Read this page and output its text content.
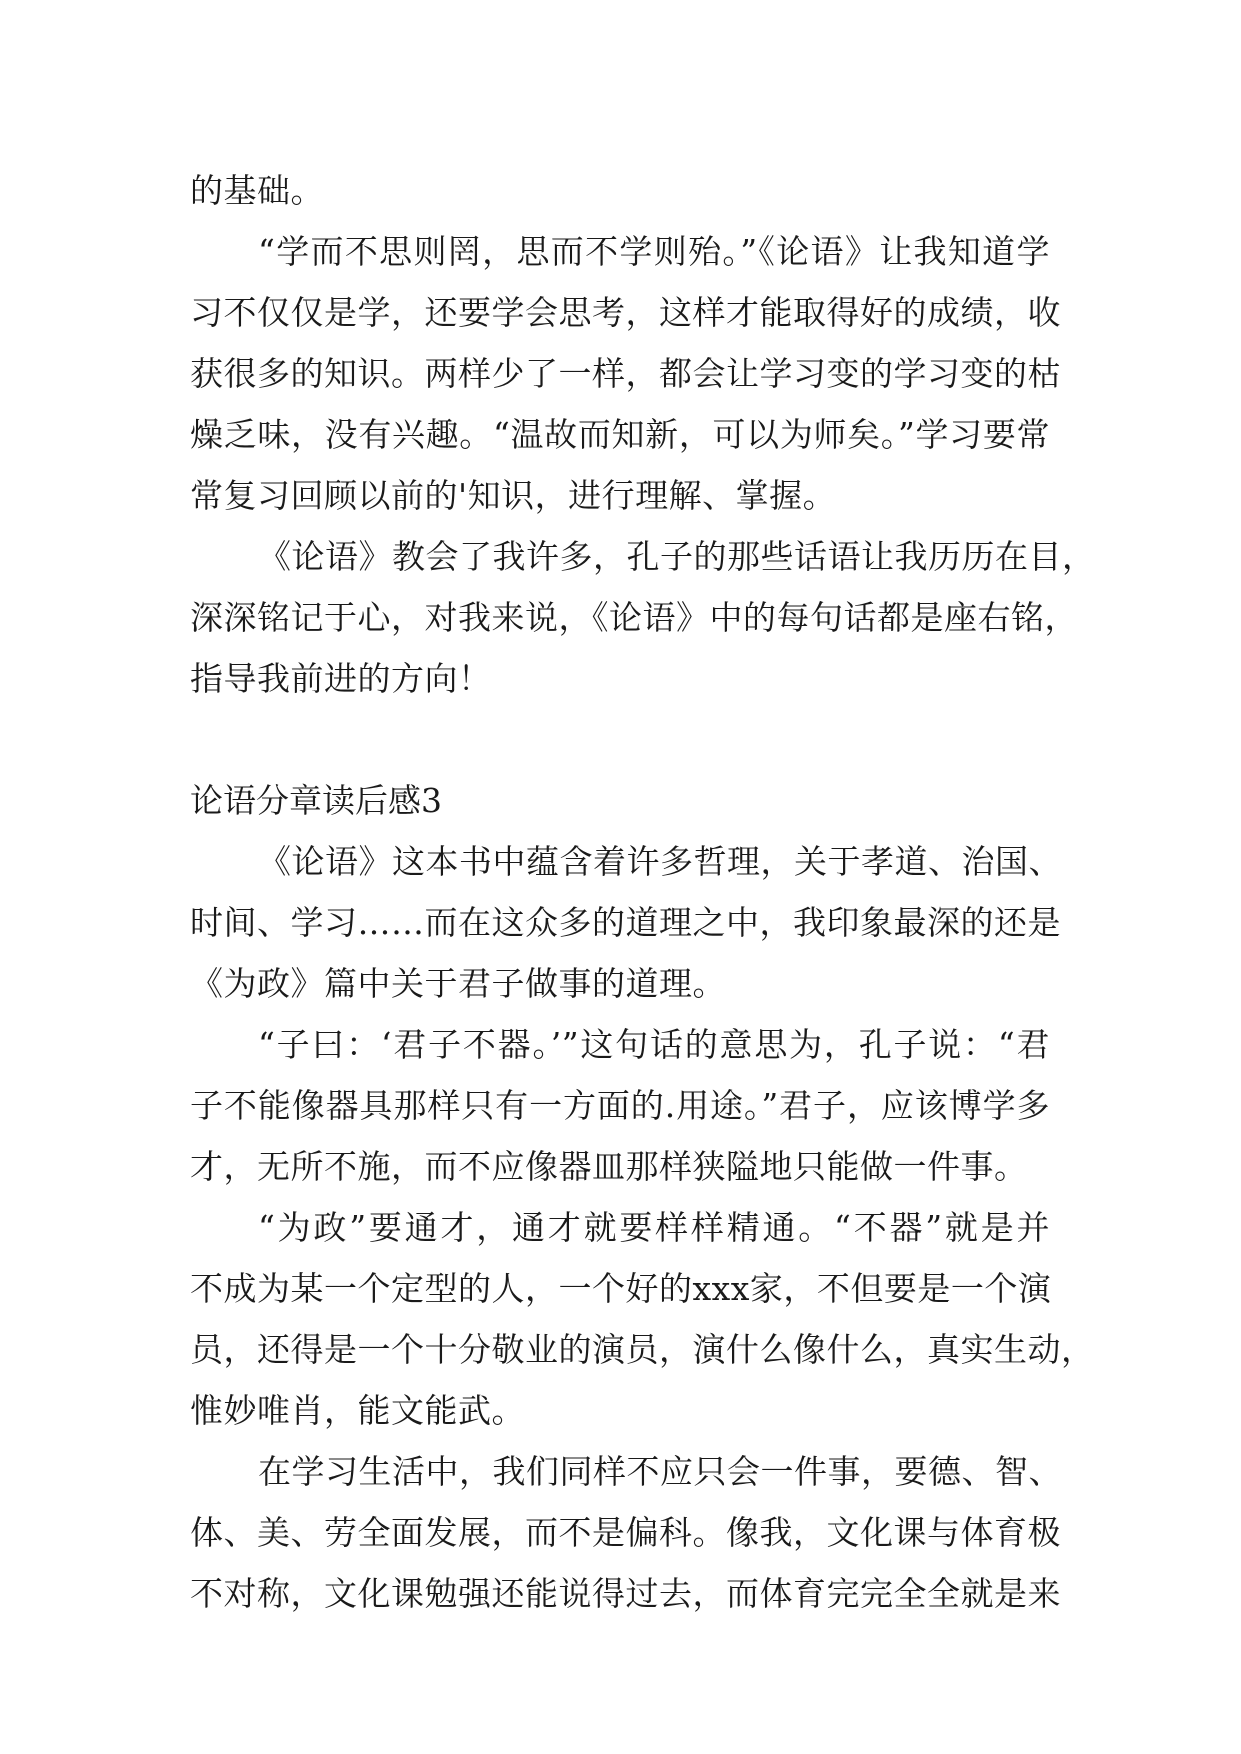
的基础。
“学而不思则罔，思而不学则殆。”《论语》让我知道学
习不仅仅是学，还要学会思考，这样才能取得好的成绩，收
获很多的知识。两样少了一样，都会让学习变的学习变的枯
燥乏味，没有兴趣。“温故而知新，可以为师矣。”学习要常
常复习回顾以前的'知识，进行理解、掌握。
《论语》教会了我许多，孔子的那些话语让我历历在目，
深深铭记于心，对我来说，《论语》中的每句话都是座右铭，
指导我前进的方向！
论语分章读后感3
《论语》这本书中蕴含着许多哲理，关于孝道、治国、
时间、学习……而在这众多的道理之中，我印象最深的还是
《为政》篇中关于君子做事的道理。
“子曰：‘君子不器。’”这句话的意思为，孔子说：“君
子不能像器具那样只有一方面的.用途。”君子，应该博学多
才，无所不施，而不应像器皿那样狭隘地只能做一件事。
“为政”要通才，通才就要样样精通。“不器”就是并
不成为某一个定型的人，一个好的xxx家，不但要是一个演
员，还得是一个十分敬业的演员，演什么像什么，真实生动，
惟妙唯肖，能文能武。
在学习生活中，我们同样不应只会一件事，要德、智、
体、美、劳全面发展，而不是偏科。像我，文化课与体育极
不对称，文化课勉强还能说得过去，而体育完完全全就是来
